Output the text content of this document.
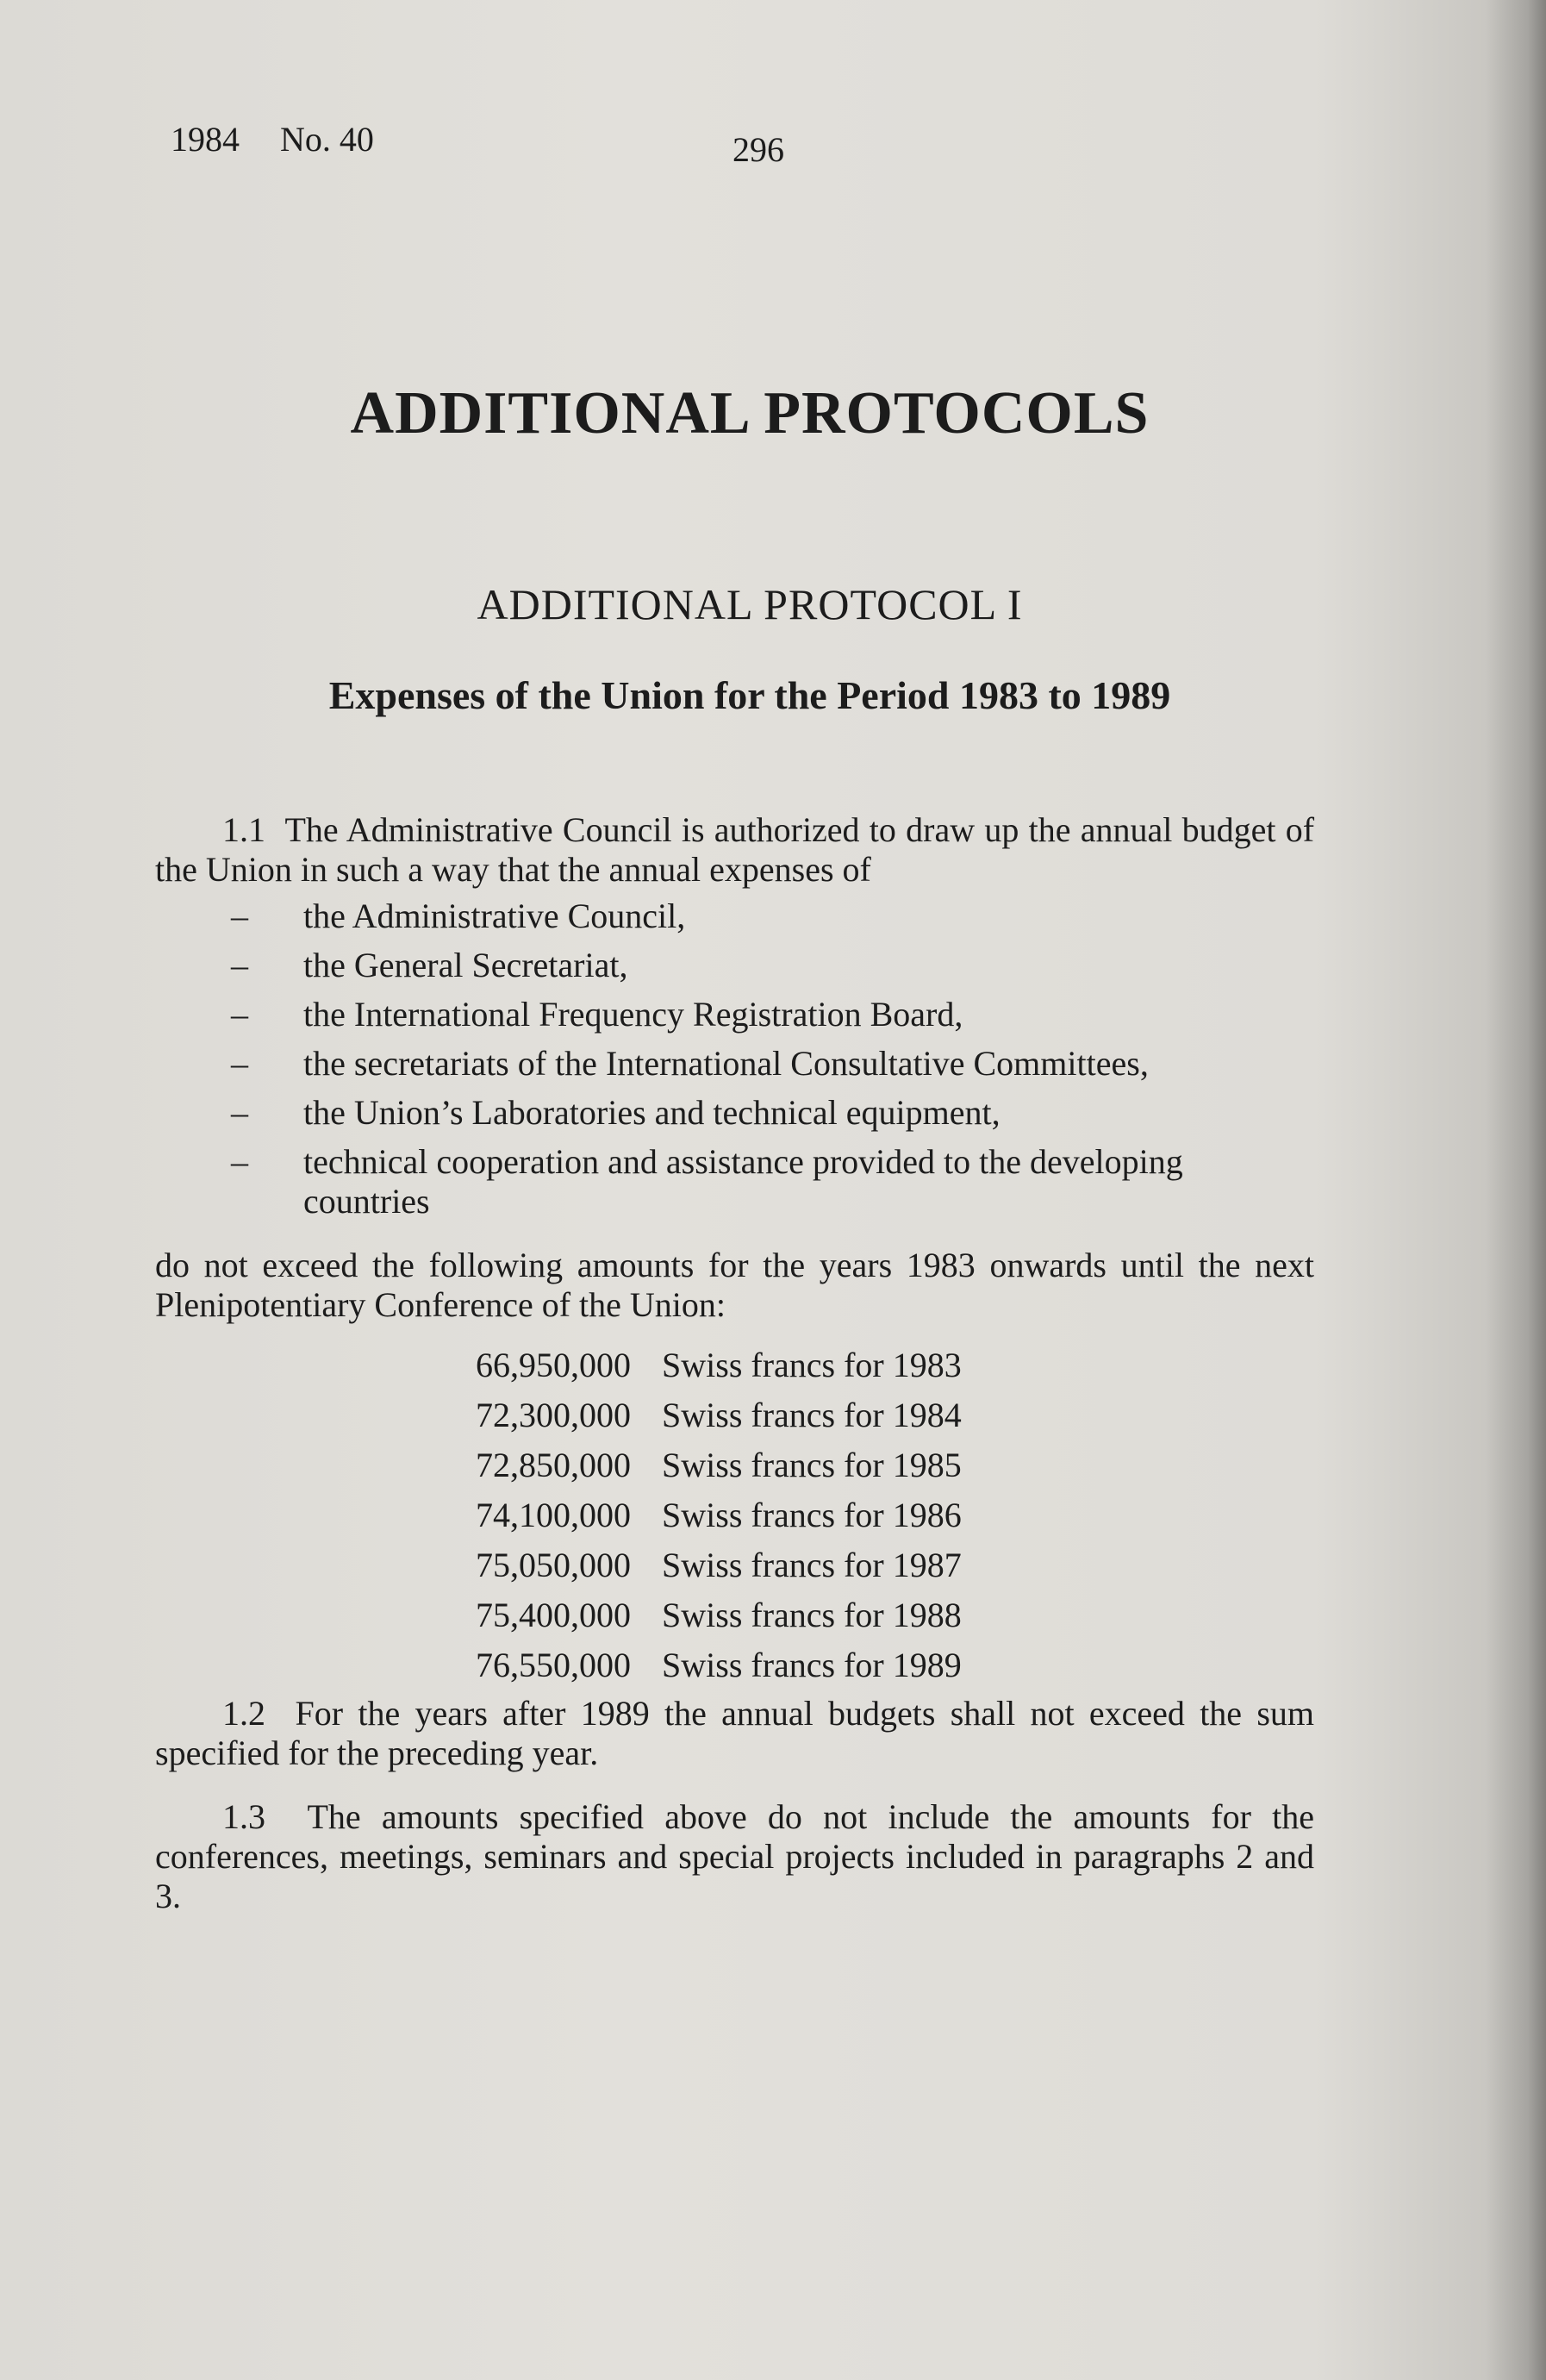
1984 No. 40	296
ADDITIONAL PROTOCOLS
ADDITIONAL PROTOCOL I
Expenses of the Union for the Period 1983 to 1989
1.1 The Administrative Council is authorized to draw up the annual budget of the Union in such a way that the annual expenses of
– the Administrative Council,
– the General Secretariat,
– the International Frequency Registration Board,
– the secretariats of the International Consultative Committees,
– the Union’s Laboratories and technical equipment,
– technical cooperation and assistance provided to the developing countries
do not exceed the following amounts for the years 1983 onwards until the next Plenipotentiary Conference of the Union:
66,950,000 Swiss francs for 1983
72,300,000 Swiss francs for 1984
72,850,000 Swiss francs for 1985
74,100,000 Swiss francs for 1986
75,050,000 Swiss francs for 1987
75,400,000 Swiss francs for 1988
76,550,000 Swiss francs for 1989
1.2 For the years after 1989 the annual budgets shall not exceed the sum specified for the preceding year.
1.3 The amounts specified above do not include the amounts for the conferences, meetings, seminars and special projects included in paragraphs 2 and 3.
